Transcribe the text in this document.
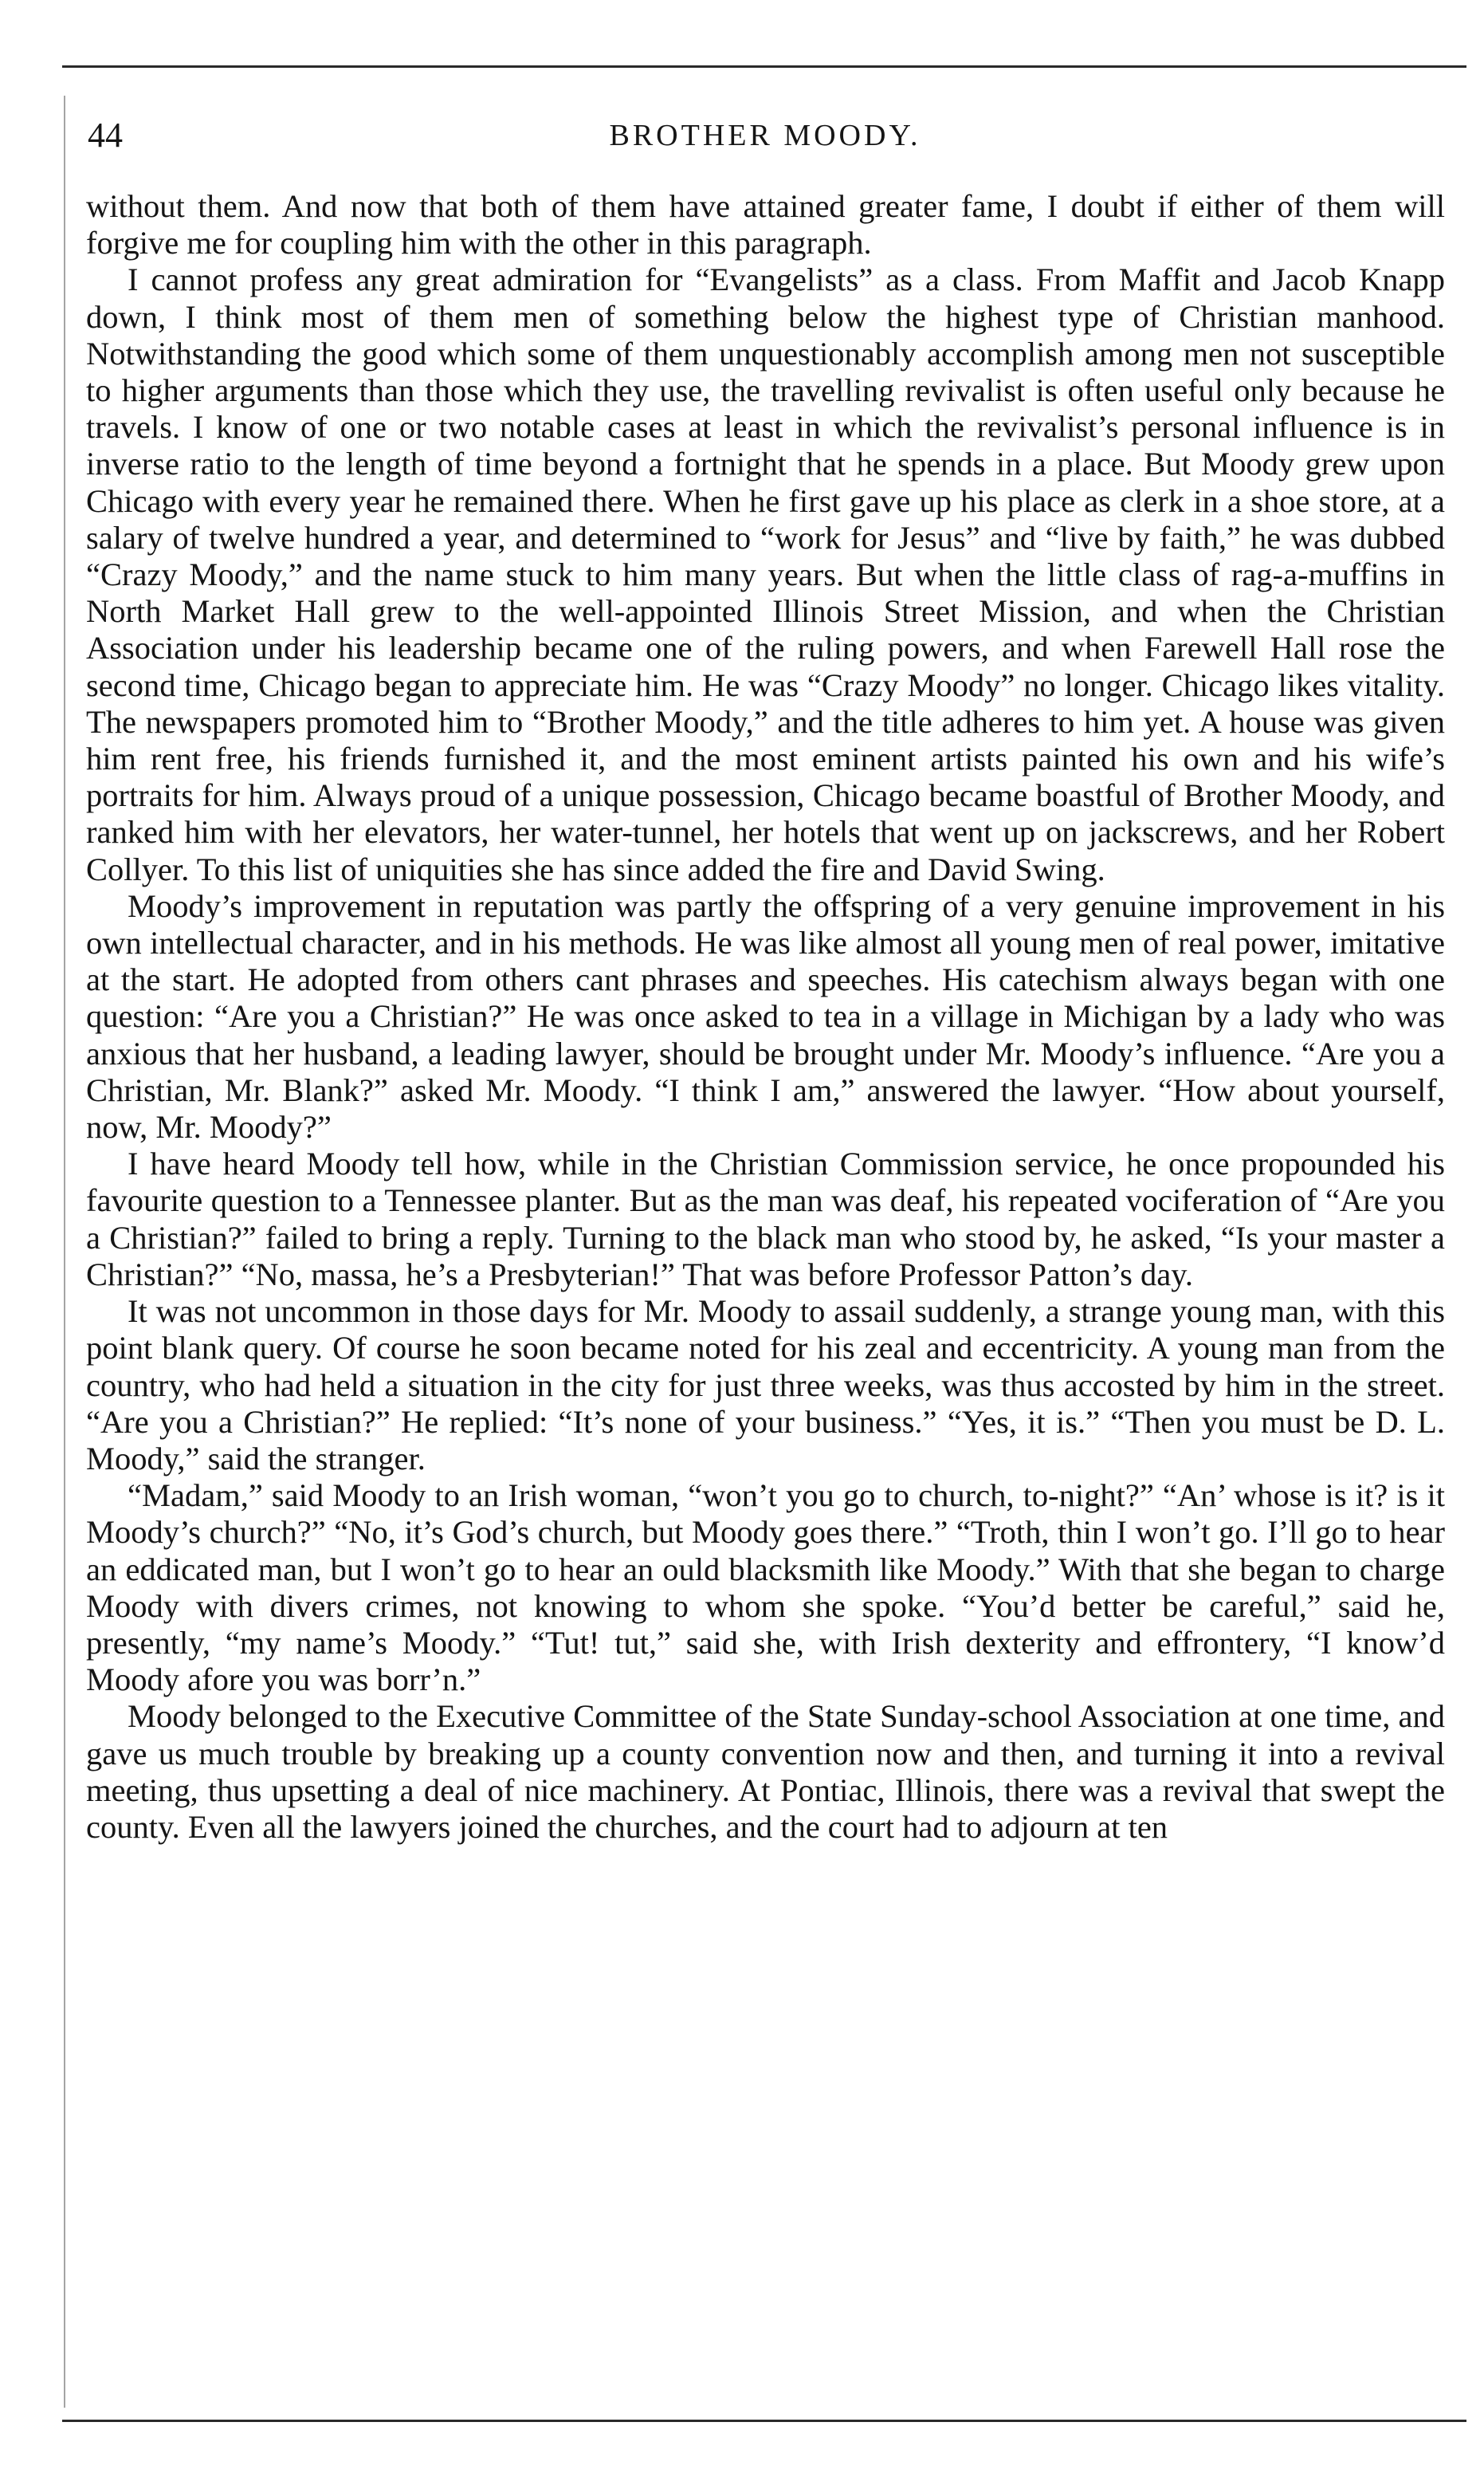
44	BROTHER MOODY.

without them. And now that both of them have attained greater fame, I doubt if either of them will forgive me for coupling him with the other in this paragraph.

I cannot profess any great admiration for “Evangelists” as a class. From Maffit and Jacob Knapp down, I think most of them men of something below the highest type of Christian manhood. Notwithstanding the good which some of them unquestionably accomplish among men not susceptible to higher arguments than those which they use, the travelling revivalist is often useful only because he travels. I know of one or two notable cases at least in which the revivalist’s personal influence is in inverse ratio to the length of time beyond a fortnight that he spends in a place. But Moody grew upon Chicago with every year he remained there. When he first gave up his place as clerk in a shoe store, at a salary of twelve hundred a year, and determined to “work for Jesus” and “live by faith,” he was dubbed “Crazy Moody,” and the name stuck to him many years. But when the little class of rag-a-muffins in North Market Hall grew to the well-appointed Illinois Street Mission, and when the Christian Association under his leadership became one of the ruling powers, and when Farewell Hall rose the second time, Chicago began to appreciate him. He was “Crazy Moody” no longer. Chicago likes vitality. The newspapers promoted him to “Brother Moody,” and the title adheres to him yet. A house was given him rent free, his friends furnished it, and the most eminent artists painted his own and his wife’s portraits for him. Always proud of a unique possession, Chicago became boastful of Brother Moody, and ranked him with her elevators, her water-tunnel, her hotels that went up on jackscrews, and her Robert Collyer. To this list of uniquities she has since added the fire and David Swing.

Moody’s improvement in reputation was partly the offspring of a very genuine improvement in his own intellectual character, and in his methods. He was like almost all young men of real power, imitative at the start. He adopted from others cant phrases and speeches. His catechism always began with one question: “Are you a Christian?” He was once asked to tea in a village in Michigan by a lady who was anxious that her husband, a leading lawyer, should be brought under Mr. Moody’s influence. “Are you a Christian, Mr. Blank?” asked Mr. Moody. “I think I am,” answered the lawyer. “How about yourself, now, Mr. Moody?”

I have heard Moody tell how, while in the Christian Commission service, he once propounded his favourite question to a Tennessee planter. But as the man was deaf, his repeated vociferation of “Are you a Christian?” failed to bring a reply. Turning to the black man who stood by, he asked, “Is your master a Christian?” “No, massa, he’s a Presbyterian!” That was before Professor Patton’s day.

It was not uncommon in those days for Mr. Moody to assail suddenly, a strange young man, with this point blank query. Of course he soon became noted for his zeal and eccentricity. A young man from the country, who had held a situation in the city for just three weeks, was thus accosted by him in the street. “Are you a Christian?” He replied: “It’s none of your business.” “Yes, it is.” “Then you must be D. L. Moody,” said the stranger.

“Madam,” said Moody to an Irish woman, “won’t you go to church, to-night?” “An’ whose is it? is it Moody’s church?” “No, it’s God’s church, but Moody goes there.” “Troth, thin I won’t go. I’ll go to hear an eddicated man, but I won’t go to hear an ould blacksmith like Moody.” With that she began to charge Moody with divers crimes, not knowing to whom she spoke. “You’d better be careful,” said he, presently, “my name’s Moody.” “Tut! tut,” said she, with Irish dexterity and effrontery, “I know’d Moody afore you was borr’n.”

Moody belonged to the Executive Committee of the State Sunday-school Association at one time, and gave us much trouble by breaking up a county convention now and then, and turning it into a revival meeting, thus upsetting a deal of nice machinery. At Pontiac, Illinois, there was a revival that swept the county. Even all the lawyers joined the churches, and the court had to adjourn at ten
